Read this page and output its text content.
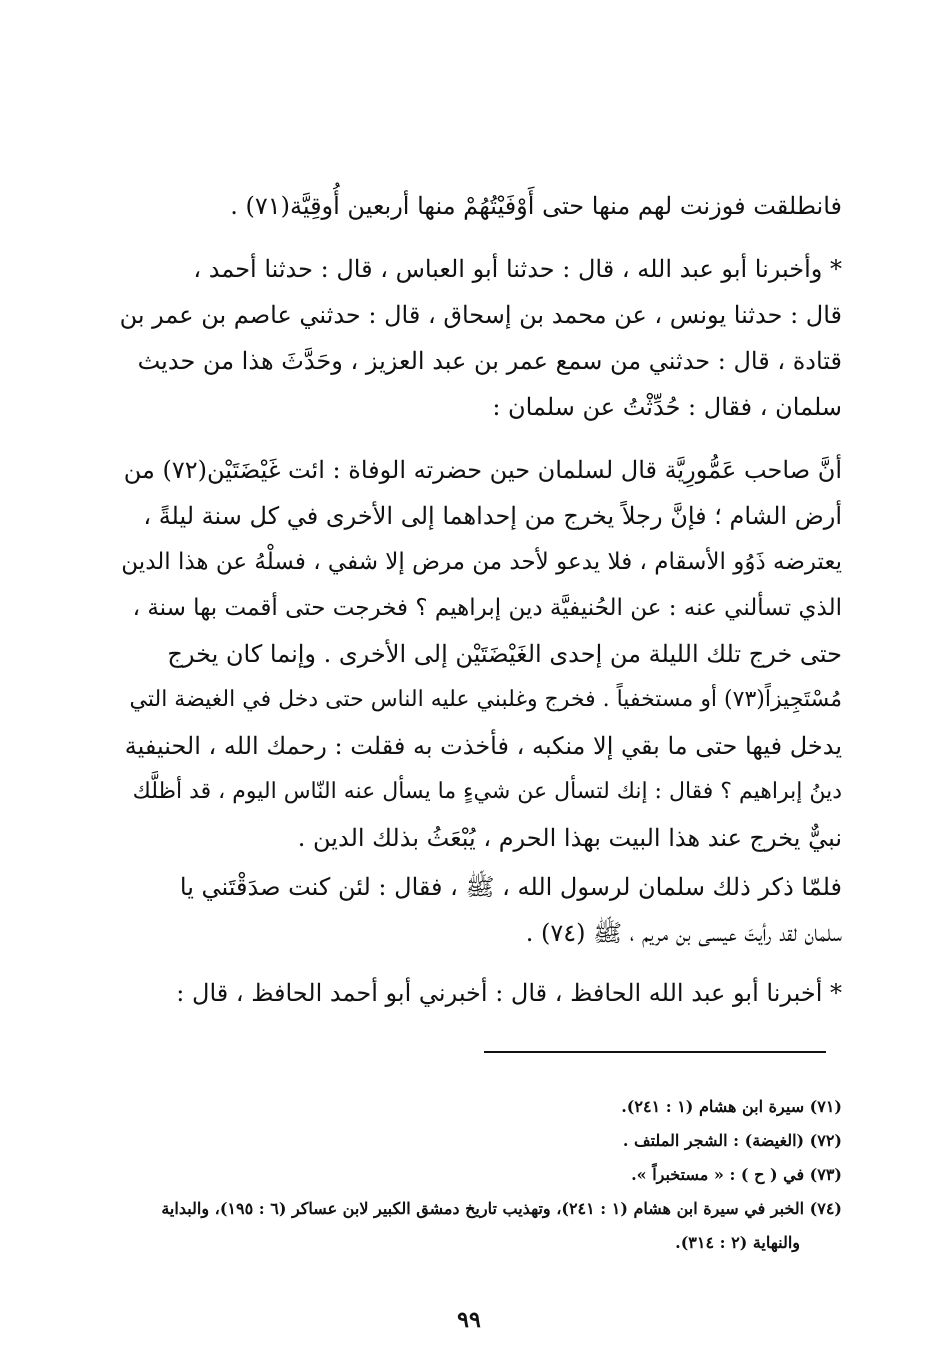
فانطلقت فوزنت لهم منها حتى أَوْفَيْتُهُمْ منها أربعين أُوقِيَّة(٧١) .

* وأخبرنا أبو عبد الله ، قال : حدثنا أبو العباس ، قال : حدثنا أحمد ،
قال : حدثنا يونس ، عن محمد بن إسحاق ، قال : حدثني عاصم بن عمر بن
قتادة ، قال : حدثني من سمع عمر بن عبد العزيز ، وحَدَّثَ هذا من حديث
سلمان ، فقال : حُدِّثْتُ عن سلمان :

أنَّ صاحب عَمُّورِيَّة قال لسلمان حين حضرته الوفاة : ائت غَيْضَتَيْن(٧٢) من
أرض الشام ؛ فإنَّ رجلاً يخرج من إحداهما إلى الأخرى في كل سنة ليلةً ،
يعترضه ذَوُو الأسقام ، فلا يدعو لأحد من مرض إلا شفي ، فسلْهُ عن هذا الدين
الذي تسألني عنه : عن الحُنيفيَّة دين إبراهيم ؟ فخرجت حتى أقمت بها سنة ،
حتى خرج تلك الليلة من إحدى الغَيْضَتَيْن إلى الأخرى . وإنما كان يخرج
مُسْتَجِيزاً(٧٣) أو مستخفياً . فخرج وغلبني عليه الناس حتى دخل في الغيضة التي
يدخل فيها حتى ما بقي إلا منكبه ، فأخذت به فقلت : رحمك الله ، الحنيفية
دينُ إبراهيم ؟ فقال : إنك لتسأل عن شيءٍ ما يسأل عنه النّاس اليوم ، قد أظلَّك
نبيٌّ يخرج عند هذا البيت بهذا الحرم ، يُبْعَثُ بذلك الدين .

فلمّا ذكر ذلك سلمان لرسول الله ، ﷺ ، فقال : لئن كنت صدَقْتَني يا
سلمان لقد رأيتَ عيسى بن مريم ، ﷺ (٧٤) .

* أخبرنا أبو عبد الله الحافظ ، قال : أخبرني أبو أحمد الحافظ ، قال :

(٧١) سيرة ابن هشام (١ : ٢٤١).
(٧٢) (الغيضة) : الشجر الملتف .
(٧٣) في ( ح ) : « مستخبراً ».
(٧٤) الخبر في سيرة ابن هشام (١ : ٢٤١)، وتهذيب تاريخ دمشق الكبير لابن عساكر (٦ : ١٩٥)، والبداية
والنهاية (٢ : ٣١٤).
٩٩
